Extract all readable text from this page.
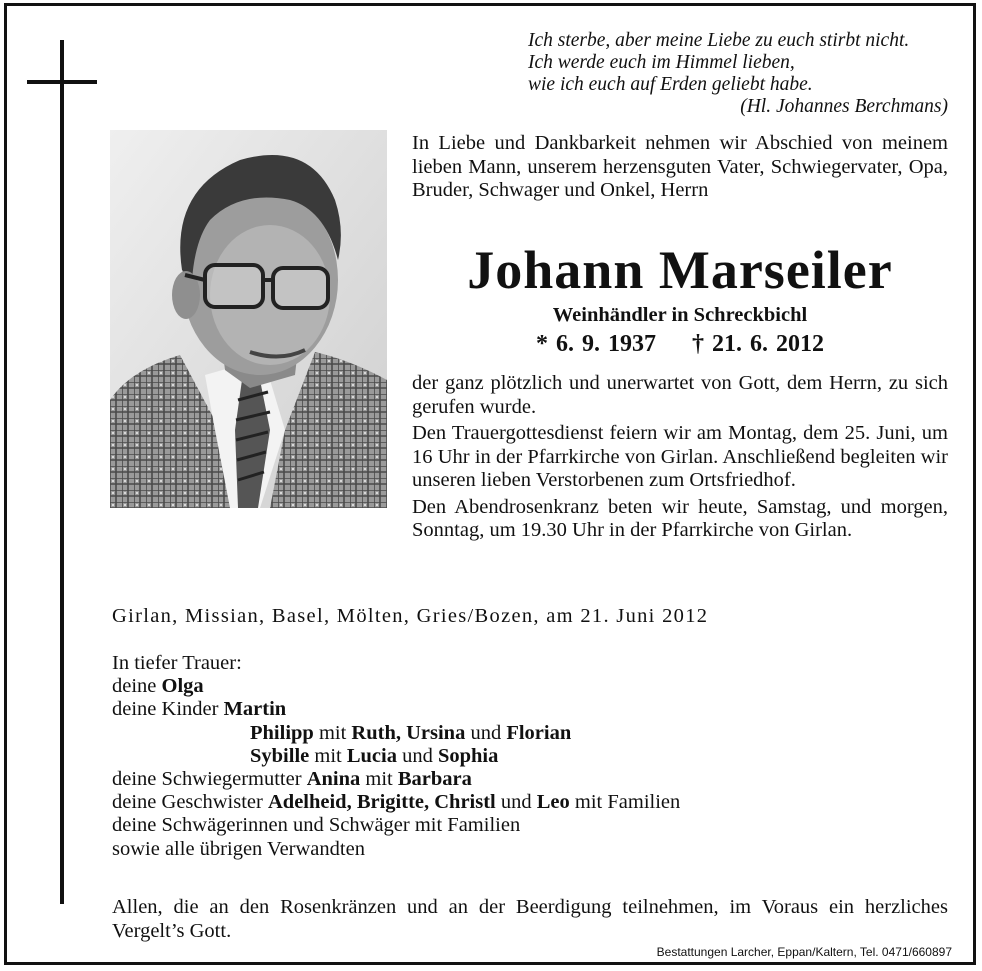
Ich sterbe, aber meine Liebe zu euch stirbt nicht.
Ich werde euch im Himmel lieben,
wie ich euch auf Erden geliebt habe.
(Hl. Johannes Berchmans)
In Liebe und Dankbarkeit nehmen wir Abschied von meinem lieben Mann, unserem herzensguten Vater, Schwiegervater, Opa, Bruder, Schwager und Onkel, Herrn
Johann Marseiler
Weinhändler in Schreckbichl
* 6. 9. 1937 † 21. 6. 2012

der ganz plötzlich und unerwartet von Gott, dem Herrn, zu sich gerufen wurde.

Den Trauergottesdienst feiern wir am Montag, dem 25. Juni, um 16 Uhr in der Pfarrkirche von Girlan. Anschließend begleiten wir unseren lieben Verstorbenen zum Ortsfriedhof.

Den Abendrosenkranz beten wir heute, Samstag, und morgen, Sonntag, um 19.30 Uhr in der Pfarrkirche von Girlan.

Girlan, Missian, Basel, Mölten, Gries/Bozen, am 21. Juni 2012
In tiefer Trauer:
deine Olga
deine Kinder Martin
Philipp mit Ruth, Ursina und Florian
Sybille mit Lucia und Sophia
deine Schwiegermutter Anina mit Barbara
deine Geschwister Adelheid, Brigitte, Christl und Leo mit Familien
deine Schwägerinnen und Schwäger mit Familien
sowie alle übrigen Verwandten
Allen, die an den Rosenkränzen und an der Beerdigung teilnehmen, im Voraus ein herzliches Vergelt’s Gott.
Bestattungen Larcher, Eppan/Kaltern, Tel. 0471/660897
